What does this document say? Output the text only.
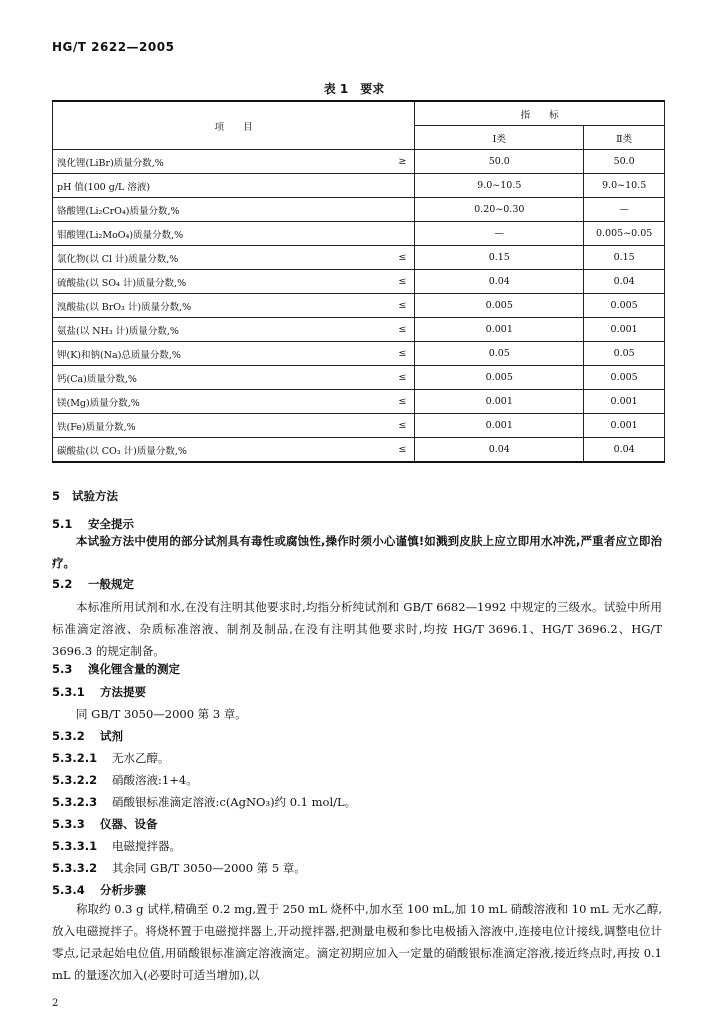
HG/T 2622—2005
表 1　要求
项　　目		指　　标	
		Ⅰ类	Ⅱ类
溴化锂(LiBr)质量分数,%	≥	50.0	50.0
pH 值(100 g/L 溶液)		9.0~10.5	9.0~10.5
铬酸锂(Li₂CrO₄)质量分数,%		0.20~0.30	—
钼酸锂(Li₂MoO₄)质量分数,%		—	0.005~0.05
氯化物(以 Cl 计)质量分数,%	≤	0.15	0.15
硫酸盐(以 SO₄ 计)质量分数,%	≤	0.04	0.04
溴酸盐(以 BrO₃ 计)质量分数,%	≤	0.005	0.005
氨盐(以 NH₃ 计)质量分数,%	≤	0.001	0.001
钾(K)和钠(Na)总质量分数,%	≤	0.05	0.05
钙(Ca)质量分数,%	≤	0.005	0.005
镁(Mg)质量分数,%	≤	0.001	0.001
铁(Fe)质量分数,%	≤	0.001	0.001
碳酸盐(以 CO₃ 计)质量分数,%	≤	0.04	0.04
5 试验方法
5.1 安全提示
本试验方法中使用的部分试剂具有毒性或腐蚀性,操作时须小心谨慎!如溅到皮肤上应立即用水冲洗,严重者应立即治疗。
5.2 一般规定
本标准所用试剂和水,在没有注明其他要求时,均指分析纯试剂和 GB/T 6682—1992 中规定的三级水。试验中所用标准滴定溶液、杂质标准溶液、制剂及制品,在没有注明其他要求时,均按 HG/T 3696.1、HG/T 3696.2、HG/T 3696.3 的规定制备。
5.3 溴化锂含量的测定
5.3.1 方法提要
同 GB/T 3050—2000 第 3 章。
5.3.2 试剂
5.3.2.1 无水乙醇。
5.3.2.2 硝酸溶液:1+4。
5.3.2.3 硝酸银标准滴定溶液:c(AgNO₃)约 0.1 mol/L。
5.3.3 仪器、设备
5.3.3.1 电磁搅拌器。
5.3.3.2 其余同 GB/T 3050—2000 第 5 章。
5.3.4 分析步骤
称取约 0.3 g 试样,精确至 0.2 mg,置于 250 mL 烧杯中,加水至 100 mL,加 10 mL 硝酸溶液和 10 mL 无水乙醇,放入电磁搅拌子。将烧杯置于电磁搅拌器上,开动搅拌器,把测量电极和参比电极插入溶液中,连接电位计接线,调整电位计零点,记录起始电位值,用硝酸银标准滴定溶液滴定。滴定初期应加入一定量的硝酸银标准滴定溶液,接近终点时,再按 0.1 mL 的量逐次加入(必要时可适当增加),以
2
